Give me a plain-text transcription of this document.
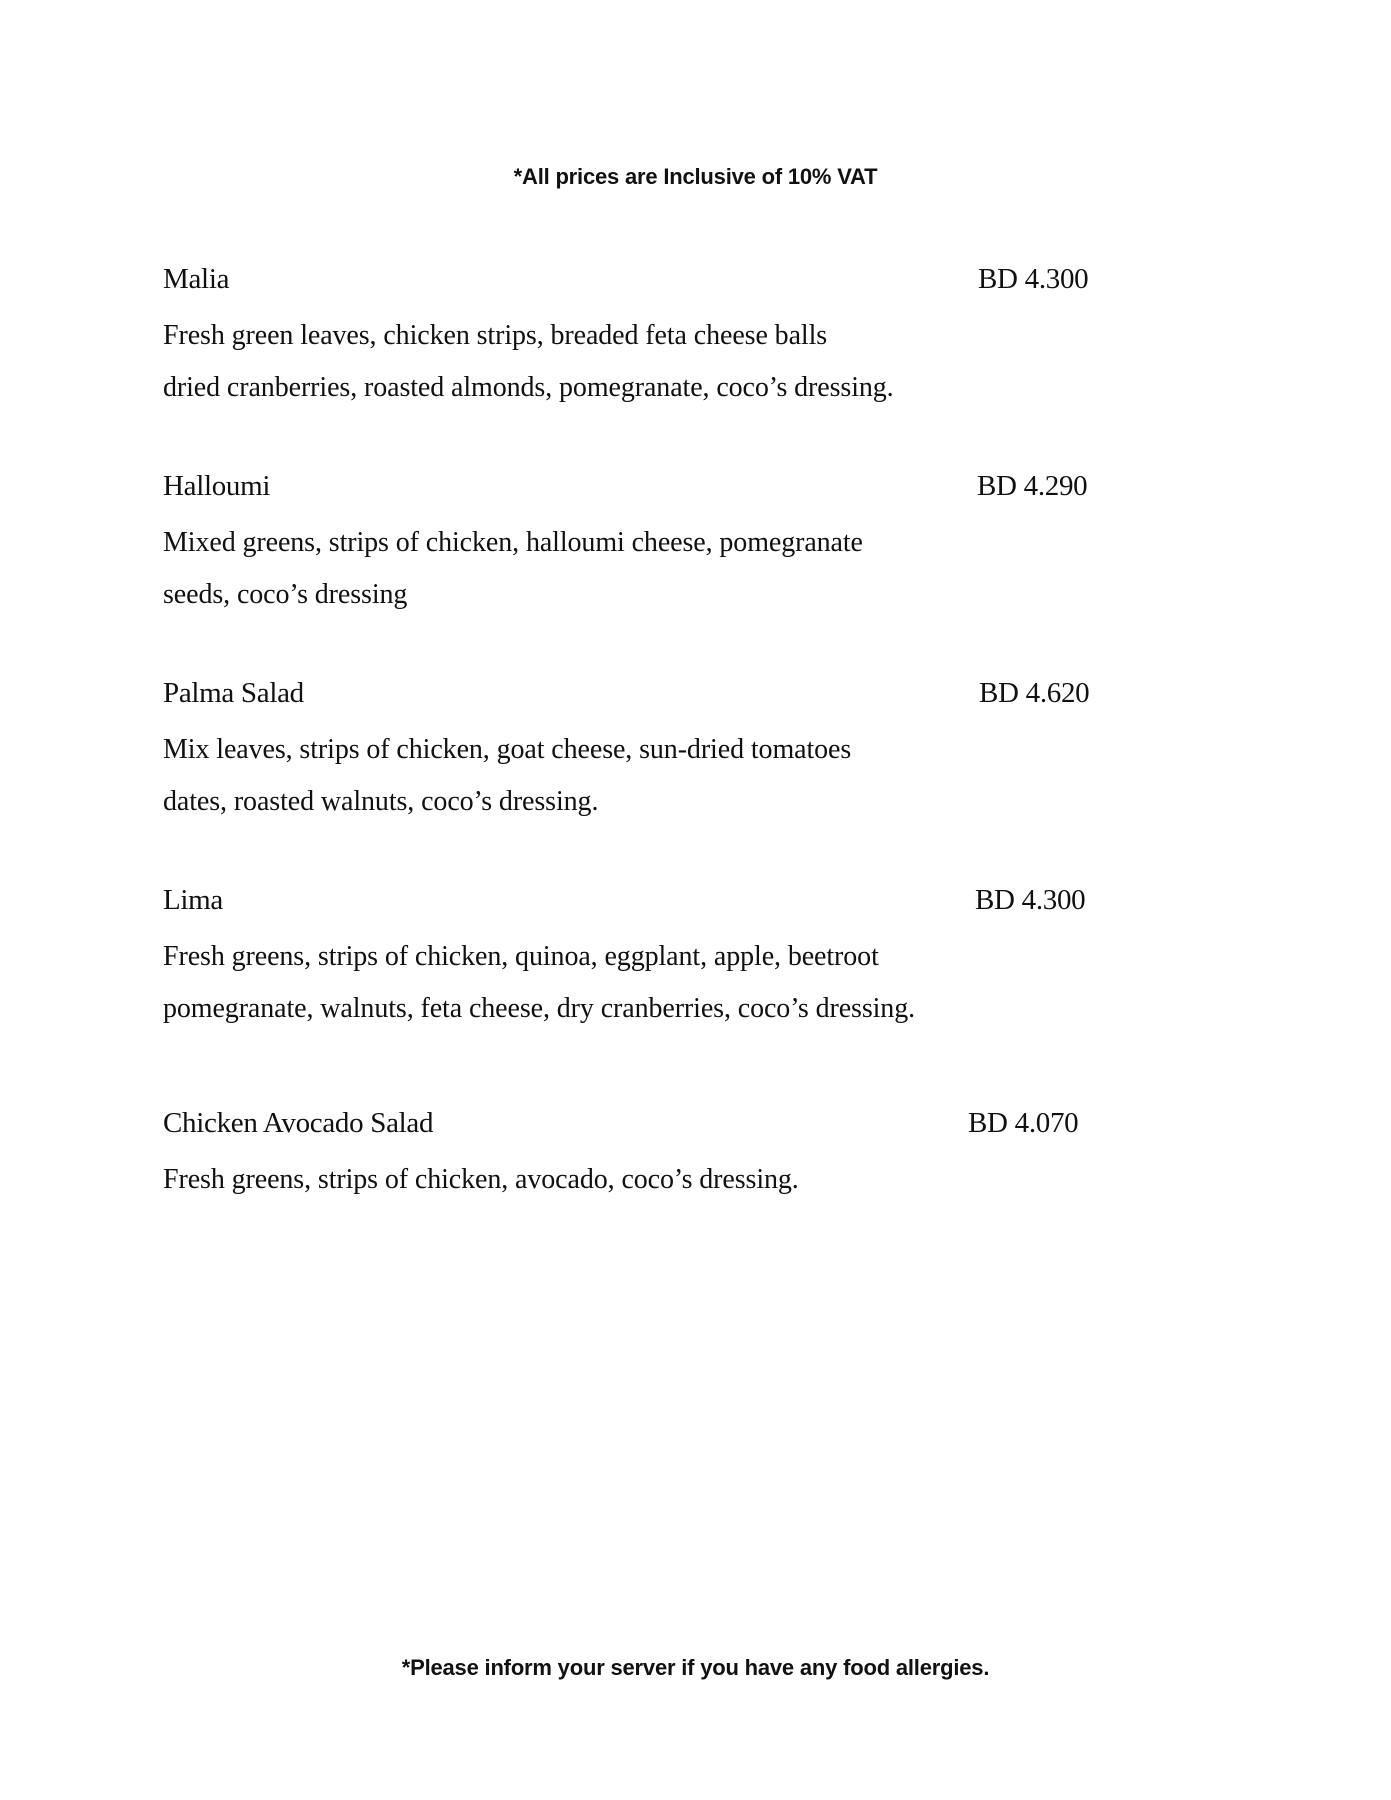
*All prices are Inclusive of 10% VAT
Malia	BD 4.300
Fresh green leaves, chicken strips, breaded feta cheese balls
dried cranberries, roasted almonds, pomegranate, coco’s dressing.
Halloumi	BD 4.290
Mixed greens, strips of chicken, halloumi cheese, pomegranate
seeds, coco’s dressing
Palma Salad	BD 4.620
Mix leaves, strips of chicken, goat cheese, sun-dried tomatoes
dates, roasted walnuts, coco’s dressing.
Lima	BD 4.300
Fresh greens, strips of chicken, quinoa, eggplant, apple, beetroot
pomegranate, walnuts, feta cheese, dry cranberries, coco’s dressing.
Chicken Avocado Salad	BD 4.070
Fresh greens, strips of chicken, avocado, coco’s dressing.
*Please inform your server if you have any food allergies.
